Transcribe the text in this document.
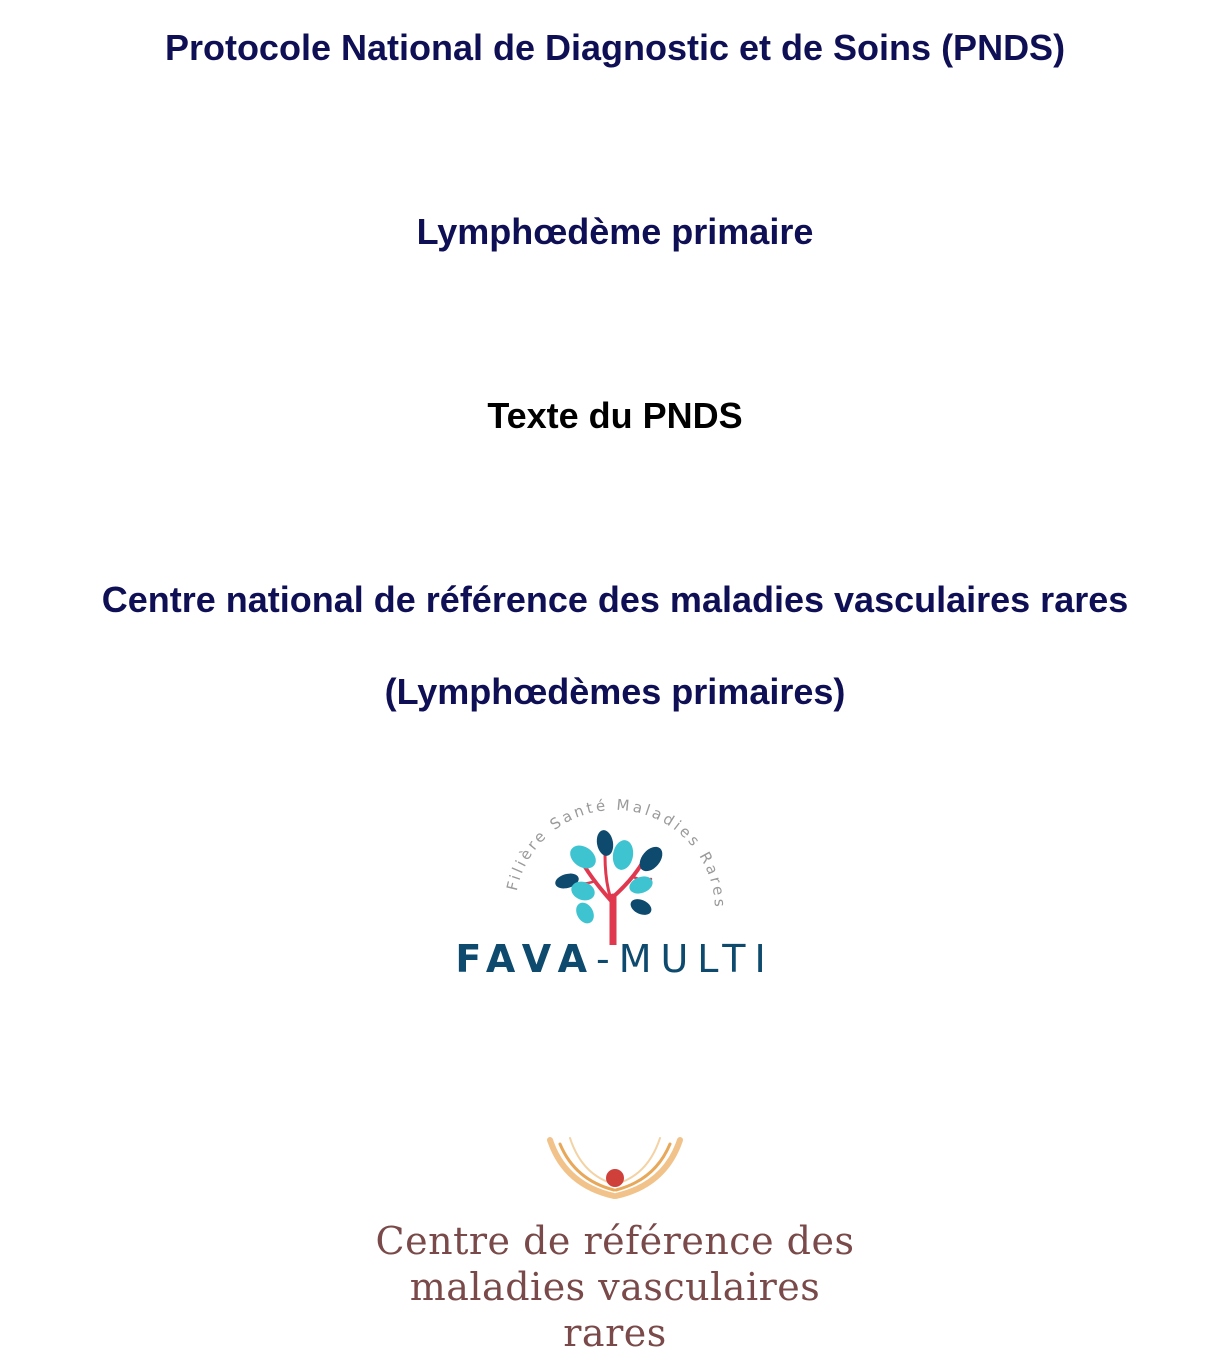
Protocole National de Diagnostic et de Soins (PNDS)
Lymphœdème primaire
Texte du PNDS
Centre national de référence des maladies vasculaires rares
(Lymphœdèmes primaires)
Filière Santé Maladies Rares
FAVA-MULTI
Centre de référence des
maladies vasculaires rares
